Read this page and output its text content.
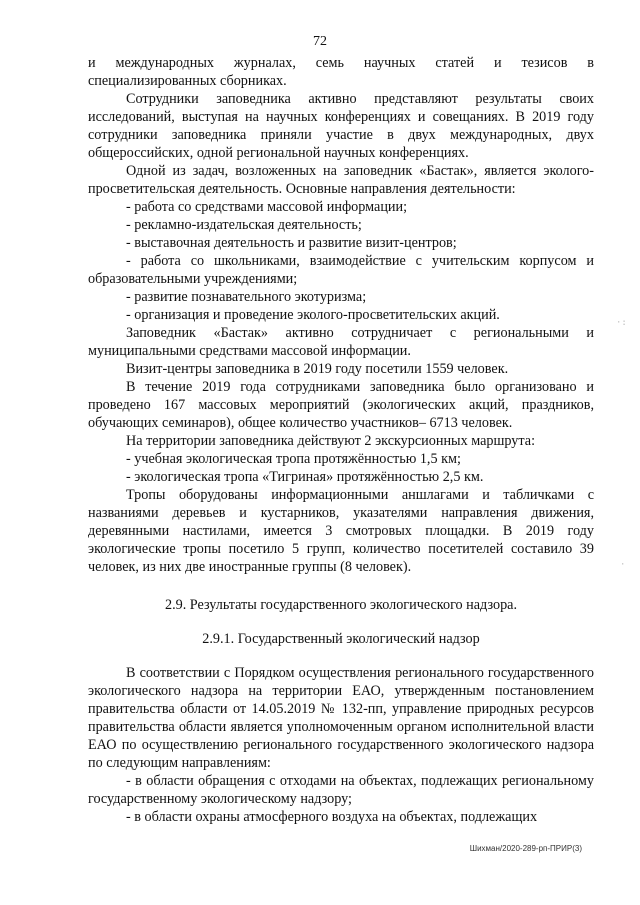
72

и международных журналах, семь научных статей и тезисов в специализированных сборниках.

Сотрудники заповедника активно представляют результаты своих исследований, выступая на научных конференциях и совещаниях. В 2019 году сотрудники заповедника приняли участие в двух международных, двух общероссийских, одной региональной научных конференциях.

Одной из задач, возложенных на заповедник «Бастак», является эколого-просветительская деятельность. Основные направления деятельности:

- работа со средствами массовой информации;

- рекламно-издательская деятельность;

- выставочная деятельность и развитие визит-центров;

- работа со школьниками, взаимодействие с учительским корпусом и образовательными учреждениями;

- развитие познавательного экотуризма;

- организация и проведение эколого-просветительских акций.

Заповедник «Бастак» активно сотрудничает с региональными и муниципальными средствами массовой информации.

Визит-центры заповедника в 2019 году посетили 1559 человек.

В течение 2019 года сотрудниками заповедника было организовано и проведено 167 массовых мероприятий (экологических акций, праздников, обучающих семинаров), общее количество участников– 6713 человек.

На территории заповедника действуют 2 экскурсионных маршрута:

- учебная экологическая тропа протяжённостью 1,5 км;

- экологическая тропа «Тигриная» протяжённостью 2,5 км.

Тропы оборудованы информационными аншлагами и табличками с названиями деревьев и кустарников, указателями направления движения, деревянными настилами, имеется 3 смотровых площадки. В 2019 году экологические тропы посетило 5 групп, количество посетителей составило 39 человек, из них две иностранные группы (8 человек).

2.9. Результаты государственного экологического надзора.

2.9.1. Государственный экологический надзор

В соответствии с Порядком осуществления регионального государственного экологического надзора на территории ЕАО, утвержденным постановлением правительства области от 14.05.2019 № 132-пп, управление природных ресурсов правительства области является уполномоченным органом исполнительной власти ЕАО по осуществлению регионального государственного экологического надзора по следующим направлениям:

- в области обращения с отходами на объектах, подлежащих региональному государственному экологическому надзору;

- в области охраны атмосферного воздуха на объектах, подлежащих

Шихман/2020-289-рп-ПРИР(3)
·:
·
